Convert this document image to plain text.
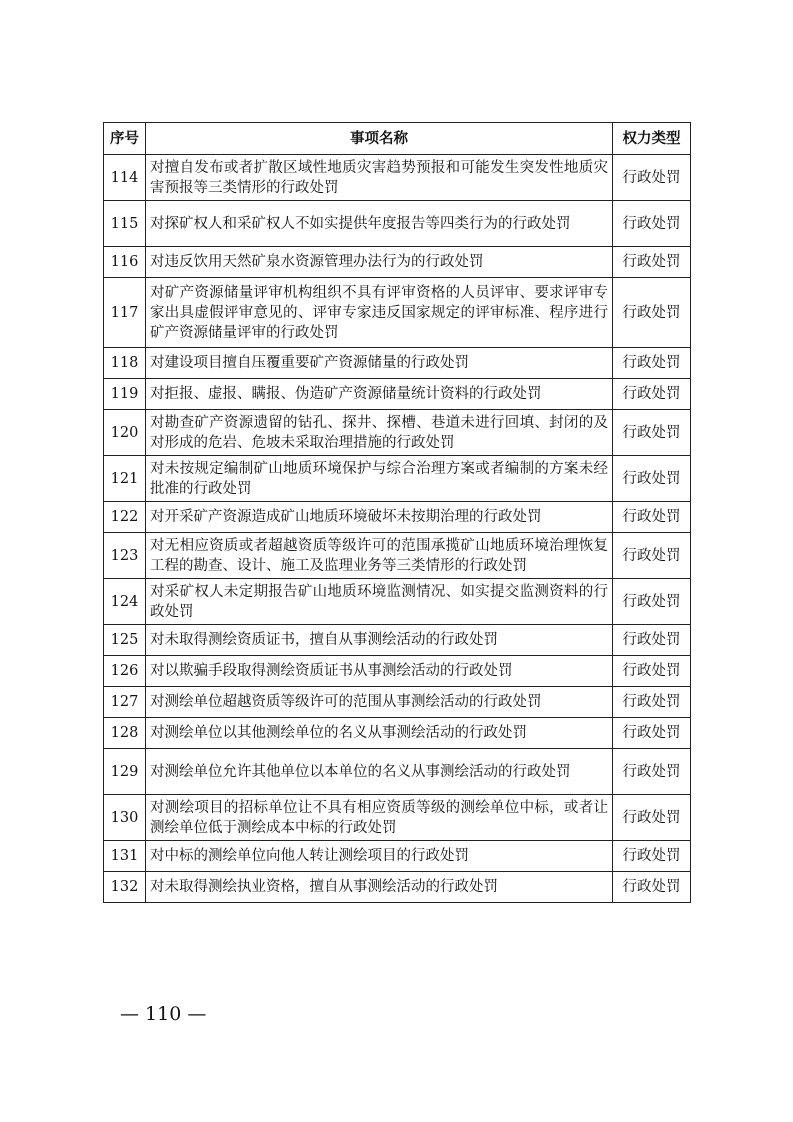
序号	事项名称	权力类型
114	对擅自发布或者扩散区域性地质灾害趋势预报和可能发生突发性地质灾害预报等三类情形的行政处罚	行政处罚
115	对探矿权人和采矿权人不如实提供年度报告等四类行为的行政处罚	行政处罚
116	对违反饮用天然矿泉水资源管理办法行为的行政处罚	行政处罚
117	对矿产资源储量评审机构组织不具有评审资格的人员评审、要求评审专家出具虚假评审意见的、评审专家违反国家规定的评审标准、程序进行矿产资源储量评审的行政处罚	行政处罚
118	对建设项目擅自压覆重要矿产资源储量的行政处罚	行政处罚
119	对拒报、虚报、瞒报、伪造矿产资源储量统计资料的行政处罚	行政处罚
120	对勘查矿产资源遗留的钻孔、探井、探槽、巷道未进行回填、封闭的及对形成的危岩、危坡未采取治理措施的行政处罚	行政处罚
121	对未按规定编制矿山地质环境保护与综合治理方案或者编制的方案未经批准的行政处罚	行政处罚
122	对开采矿产资源造成矿山地质环境破坏未按期治理的行政处罚	行政处罚
123	对无相应资质或者超越资质等级许可的范围承揽矿山地质环境治理恢复工程的勘查、设计、施工及监理业务等三类情形的行政处罚	行政处罚
124	对采矿权人未定期报告矿山地质环境监测情况、如实提交监测资料的行政处罚	行政处罚
125	对未取得测绘资质证书，擅自从事测绘活动的行政处罚	行政处罚
126	对以欺骗手段取得测绘资质证书从事测绘活动的行政处罚	行政处罚
127	对测绘单位超越资质等级许可的范围从事测绘活动的行政处罚	行政处罚
128	对测绘单位以其他测绘单位的名义从事测绘活动的行政处罚	行政处罚
129	对测绘单位允许其他单位以本单位的名义从事测绘活动的行政处罚	行政处罚
130	对测绘项目的招标单位让不具有相应资质等级的测绘单位中标，或者让测绘单位低于测绘成本中标的行政处罚	行政处罚
131	对中标的测绘单位向他人转让测绘项目的行政处罚	行政处罚
132	对未取得测绘执业资格，擅自从事测绘活动的行政处罚	行政处罚
— 110 —
